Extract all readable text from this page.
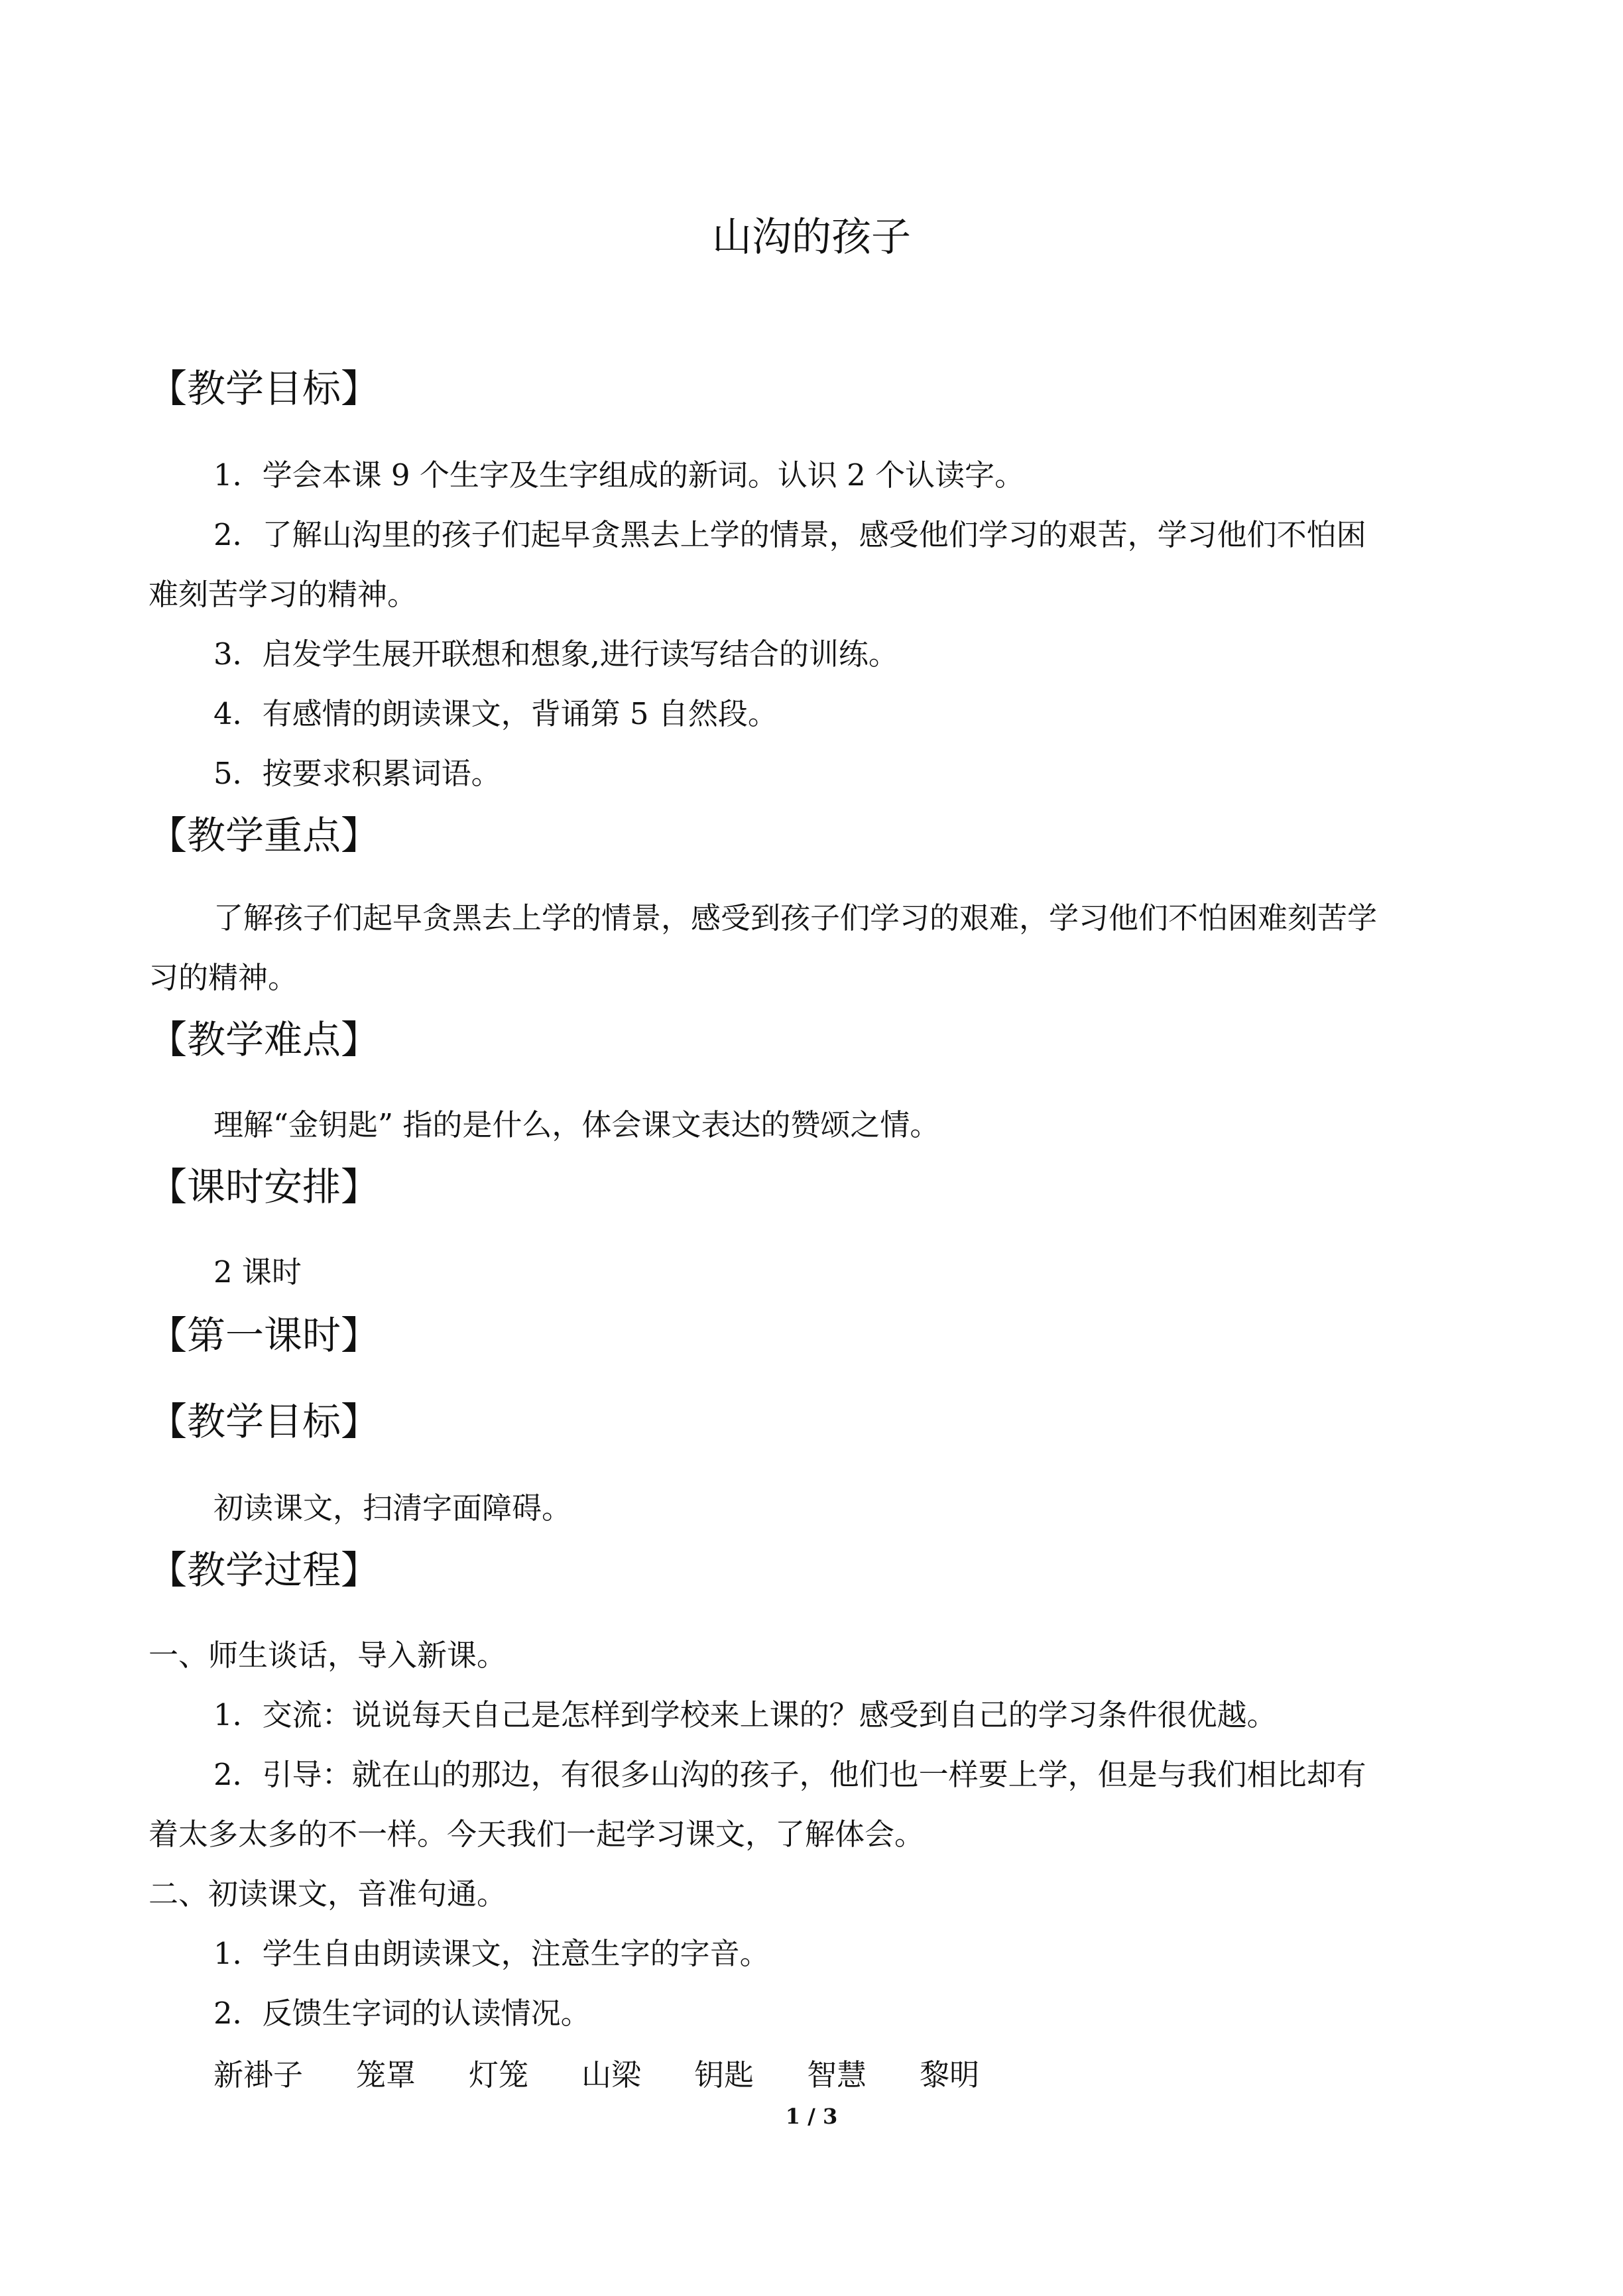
山沟的孩子
【教学目标】
1．学会本课 9 个生字及生字组成的新词。认识 2 个认读字。
2．了解山沟里的孩子们起早贪黑去上学的情景，感受他们学习的艰苦，学习他们不怕困
难刻苦学习的精神。
3．启发学生展开联想和想象,进行读写结合的训练。
4．有感情的朗读课文，背诵第 5 自然段。
5．按要求积累词语。
【教学重点】
了解孩子们起早贪黑去上学的情景，感受到孩子们学习的艰难，学习他们不怕困难刻苦学
习的精神。
【教学难点】
理解“金钥匙” 指的是什么，体会课文表达的赞颂之情。
【课时安排】
2 课时
【第一课时】
【教学目标】
初读课文，扫清字面障碍。
【教学过程】
一、师生谈话，导入新课。
1．交流：说说每天自己是怎样到学校来上课的？感受到自己的学习条件很优越。
2．引导：就在山的那边，有很多山沟的孩子，他们也一样要上学，但是与我们相比却有
着太多太多的不一样。今天我们一起学习课文，了解体会。
二、初读课文，音准句通。
1．学生自由朗读课文，注意生字的字音。
2．反馈生字词的认读情况。
新褂子 笼罩 灯笼 山梁 钥匙 智慧 黎明
1 / 3
